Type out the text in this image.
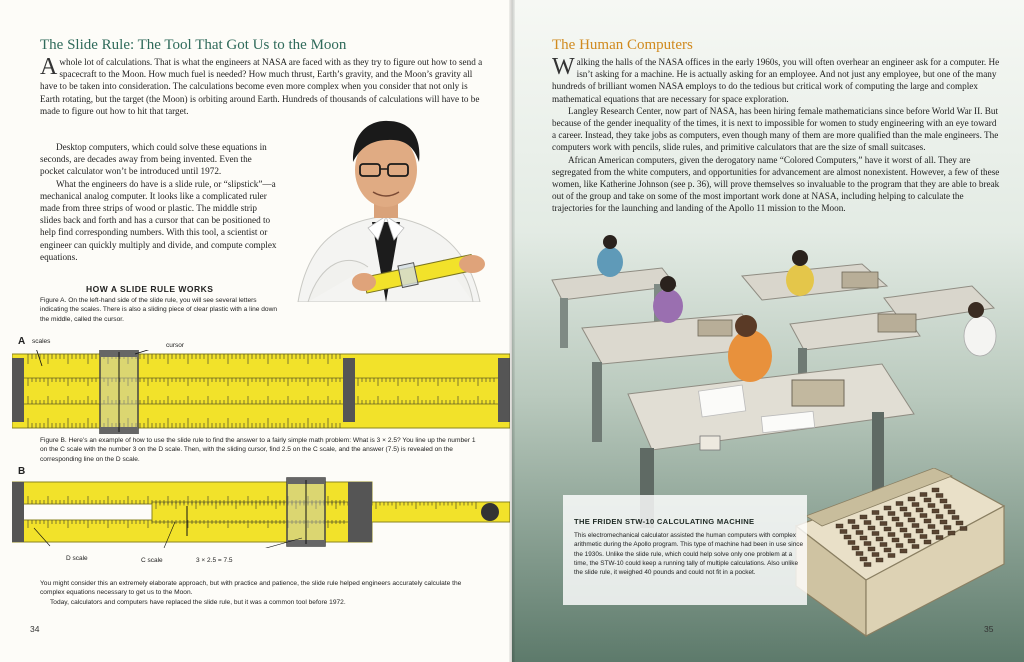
The Slide Rule: The Tool That Got Us to the Moon

A whole lot of calculations. That is what the engineers at NASA are faced with as they try to figure out how to send a spacecraft to the Moon. How much fuel is needed? How much thrust, Earth’s gravity, and the Moon’s gravity all have to be taken into consideration. The calculations become even more complex when you consider that not only is Earth rotating, but the target (the Moon) is orbiting around Earth. Hundreds of thousands of calculations will have to be made to figure out how to hit that target.

Desktop computers, which could solve these equations in seconds, are decades away from being invented. Even the pocket calculator won’t be introduced until 1972.

What the engineers do have is a slide rule, or “slipstick”—a mechanical analog computer. It looks like a complicated ruler made from three strips of wood or plastic. The middle strip slides back and forth and has a cursor that can be positioned to help find corresponding numbers. With this tool, a scientist or engineer can quickly multiply and divide, and compute complex equations.

HOW A SLIDE RULE WORKS

Figure A. On the left-hand side of the slide rule, you will see several letters indicating the scales. There is also a sliding piece of clear plastic with a line down the middle, called the cursor.

A scales
cursor

Figure B. Here’s an example of how to use the slide rule to find the answer to a fairly simple math problem: What is 3 × 2.5? You line up the number 1 on the C scale with the number 3 on the D scale. Then, with the sliding cursor, find 2.5 on the C scale, and the answer (7.5) is revealed on the corresponding line on the D scale.

B
D scale	C scale	3 × 2.5 = 7.5

You might consider this an extremely elaborate approach, but with practice and patience, the slide rule helped engineers accurately calculate the complex equations necessary to get us to the Moon.

Today, calculators and computers have replaced the slide rule, but it was a common tool before 1972.

34
The Human Computers

Walking the halls of the NASA offices in the early 1960s, you will often overhear an engineer ask for a computer. He isn’t asking for a machine. He is actually asking for an employee. And not just any employee, but one of the many hundreds of brilliant women NASA employs to do the tedious but critical work of computing the large and complex mathematical equations that are necessary for space exploration.

Langley Research Center, now part of NASA, has been hiring female mathematicians since before World War II. But because of the gender inequality of the times, it is next to impossible for women to study engineering with an eye toward a career. Instead, they take jobs as computers, even though many of them are more qualified than the male engineers. The computers work with pencils, slide rules, and primitive calculators that are the size of small suitcases.

African American computers, given the derogatory name “Colored Computers,” have it worst of all. They are segregated from the white computers, and opportunities for advancement are almost nonexistent. However, a few of these women, like Katherine Johnson (see p. 36), will prove themselves so invaluable to the program that they are able to break out of the group and take on some of the most important work done at NASA, including helping to calculate the trajectories for the launching and landing of the Apollo 11 mission to the Moon.

THE FRIDEN STW-10 CALCULATING MACHINE

This electromechanical calculator assisted the human computers with complex arithmetic during the Apollo program. This type of machine had been in use since the 1930s. Unlike the slide rule, which could help solve only one problem at a time, the STW-10 could keep a running tally of multiple calculations. Also unlike the slide rule, it weighed 40 pounds and could not fit in a pocket.

35
